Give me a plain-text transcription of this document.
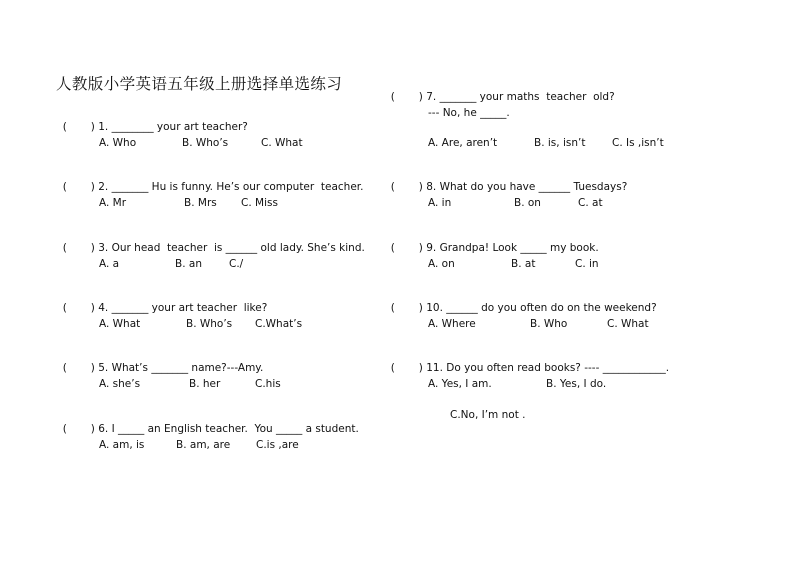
人教版小学英语五年级上册选择单选练习

( ) 1. ________ your art teacher?

A. Who	B. Who’s	C. What

( ) 2. _______ Hu is funny. He’s our computer  teacher.

A. Mr	B. Mrs C. Miss

( ) 3. Our head  teacher  is ______ old lady. She’s kind.

A. a	B. an	C./

( ) 4. _______ your art teacher  like?

A. What	B. Who’s C.What’s

( ) 5. What’s _______ name?---Amy.

A. she’s	B. her	C.his

( ) 6. I _____ an English teacher.  You _____ a student.

A. am, is	B. am, are C.is ,are

( ) 7. _______ your maths  teacher  old?

--- No, he _____.
A. Are, aren’t	B. is, isn’t	C. Is ,isn’t

( ) 8. What do you have ______ Tuesdays?

A. in	B. on	C. at

( ) 9. Grandpa! Look _____ my book.

A. on	B. at	C. in

( ) 10. ______ do you often do on the weekend?

A. Where	B. Who	C. What

( ) 11. Do you often read books? ---- ____________.

A. Yes, I am.	B. Yes, I do.
C.No, I’m not .
